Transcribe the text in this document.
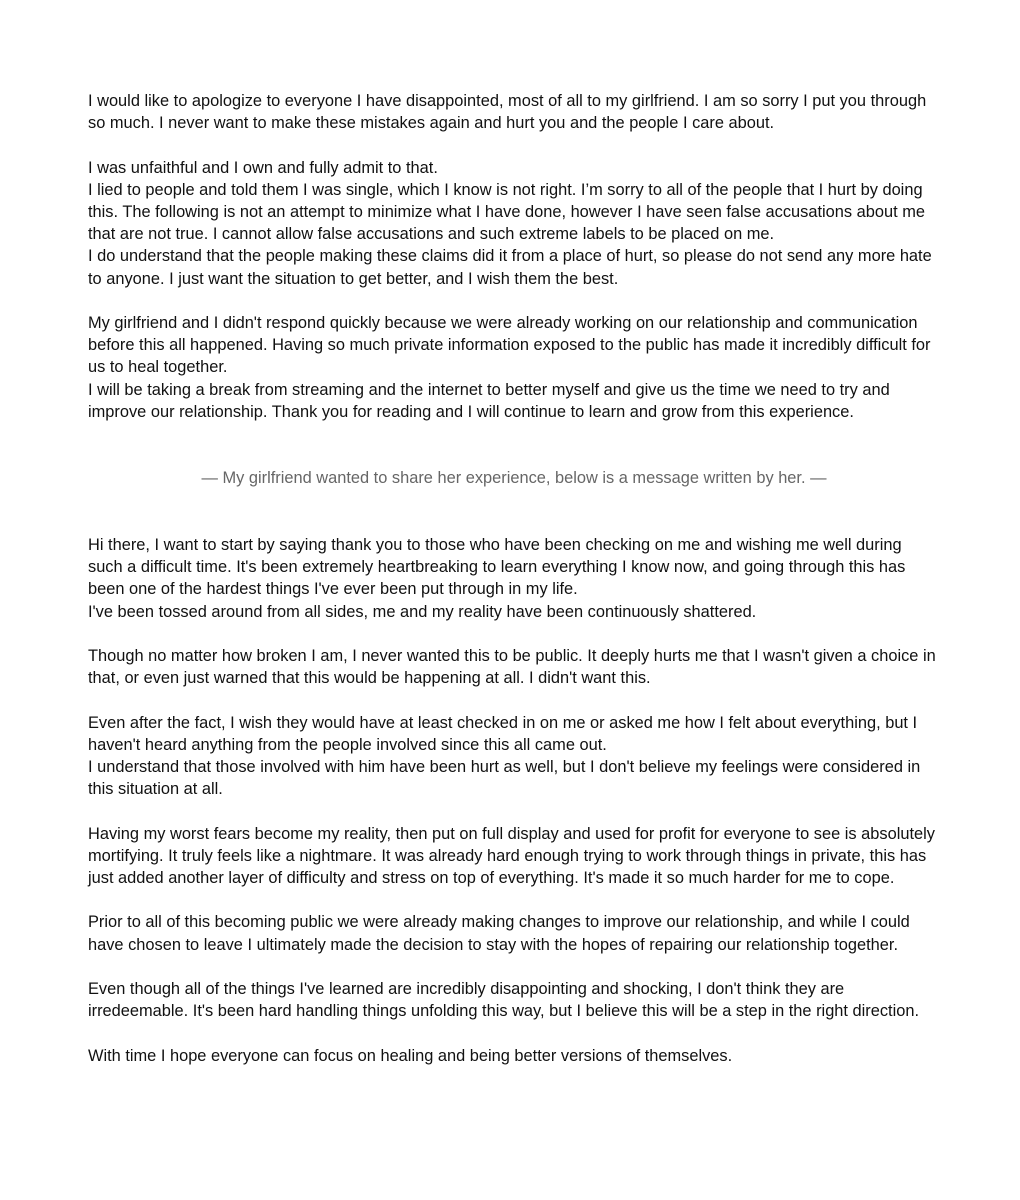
I would like to apologize to everyone I have disappointed, most of all to my girlfriend. I am so sorry I put you through so much. I never want to make these mistakes again and hurt you and the people I care about.
I was unfaithful and I own and fully admit to that.
I lied to people and told them I was single, which I know is not right. I’m sorry to all of the people that I hurt by doing this. The following is not an attempt to minimize what I have done, however I have seen false accusations about me that are not true. I cannot allow false accusations and such extreme labels to be placed on me.
I do understand that the people making these claims did it from a place of hurt, so please do not send any more hate to anyone. I just want the situation to get better, and I wish them the best.
My girlfriend and I didn't respond quickly because we were already working on our relationship and communication before this all happened. Having so much private information exposed to the public has made it incredibly difficult for us to heal together.
I will be taking a break from streaming and the internet to better myself and give us the time we need to try and improve our relationship. Thank you for reading and I will continue to learn and grow from this experience.
— My girlfriend wanted to share her experience, below is a message written by her. —
Hi there, I want to start by saying thank you to those who have been checking on me and wishing me well during such a difficult time. It's been extremely heartbreaking to learn everything I know now, and going through this has been one of the hardest things I've ever been put through in my life.
I've been tossed around from all sides, me and my reality have been continuously shattered.
Though no matter how broken I am, I never wanted this to be public. It deeply hurts me that I wasn't given a choice in that, or even just warned that this would be happening at all. I didn't want this.
Even after the fact, I wish they would have at least checked in on me or asked me how I felt about everything, but I haven't heard anything from the people involved since this all came out.
I understand that those involved with him have been hurt as well, but I don't believe my feelings were considered in this situation at all.
Having my worst fears become my reality, then put on full display and used for profit for everyone to see is absolutely mortifying. It truly feels like a nightmare. It was already hard enough trying to work through things in private, this has just added another layer of difficulty and stress on top of everything. It's made it so much harder for me to cope.
Prior to all of this becoming public we were already making changes to improve our relationship, and while I could have chosen to leave I ultimately made the decision to stay with the hopes of repairing our relationship together.
Even though all of the things I've learned are incredibly disappointing and shocking, I don't think they are irredeemable. It's been hard handling things unfolding this way, but I believe this will be a step in the right direction.
With time I hope everyone can focus on healing and being better versions of themselves.
